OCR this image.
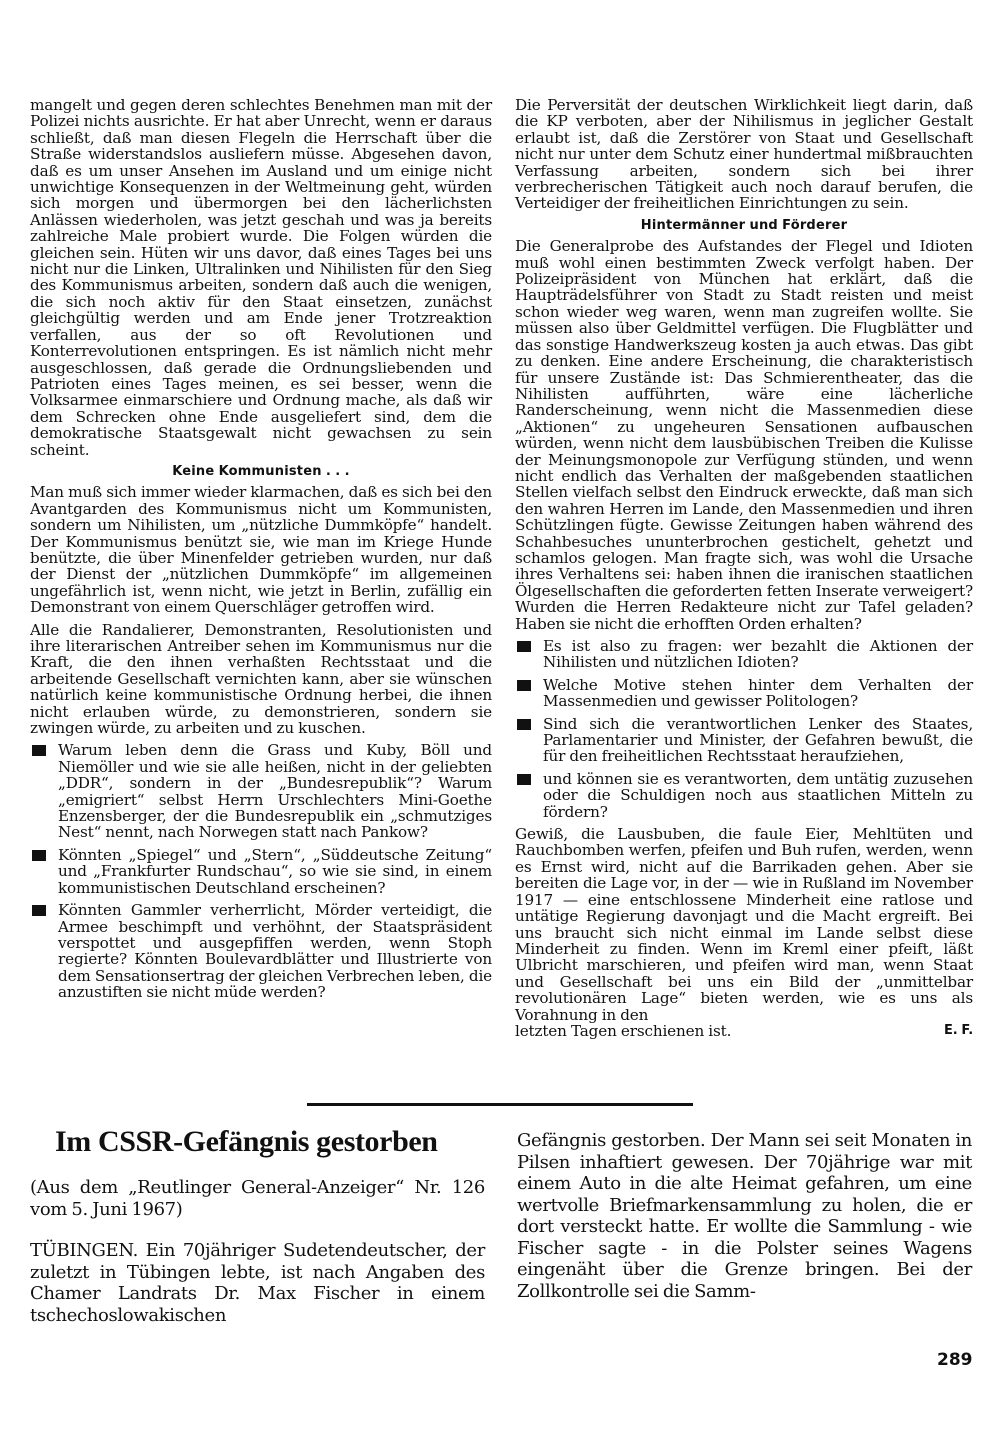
mangelt und gegen deren schlechtes Benehmen man mit der Polizei nichts ausrichte. Er hat aber Unrecht, wenn er daraus schließt, daß man diesen Flegeln die Herrschaft über die Straße widerstandslos ausliefern müsse. Abgesehen davon, daß es um unser Ansehen im Ausland und um einige nicht unwichtige Konsequenzen in der Weltmeinung geht, würden sich morgen und übermorgen bei den lächerlichsten Anlässen wiederholen, was jetzt geschah und was ja bereits zahlreiche Male probiert wurde. Die Folgen würden die gleichen sein. Hüten wir uns davor, daß eines Tages bei uns nicht nur die Linken, Ultralinken und Nihilisten für den Sieg des Kommunismus arbeiten, sondern daß auch die wenigen, die sich noch aktiv für den Staat einsetzen, zunächst gleichgültig werden und am Ende jener Trotzreaktion verfallen, aus der so oft Revolutionen und Konterrevolutionen entspringen. Es ist nämlich nicht mehr ausgeschlossen, daß gerade die Ordnungsliebenden und Patrioten eines Tages meinen, es sei besser, wenn die Volksarmee einmarschiere und Ordnung mache, als daß wir dem Schrecken ohne Ende ausgeliefert sind, dem die demokratische Staatsgewalt nicht gewachsen zu sein scheint.

Keine Kommunisten . . .

Man muß sich immer wieder klarmachen, daß es sich bei den Avantgarden des Kommunismus nicht um Kommunisten, sondern um Nihilisten, um „nützliche Dummköpfe“ handelt. Der Kommunismus benützt sie, wie man im Kriege Hunde benützte, die über Minenfelder getrieben wurden, nur daß der Dienst der „nützlichen Dummköpfe“ im allgemeinen ungefährlich ist, wenn nicht, wie jetzt in Berlin, zufällig ein Demonstrant von einem Querschläger getroffen wird.

Alle die Randalierer, Demonstranten, Resolutionisten und ihre literarischen Antreiber sehen im Kommunismus nur die Kraft, die den ihnen verhaßten Rechtsstaat und die arbeitende Gesellschaft vernichten kann, aber sie wünschen natürlich keine kommunistische Ordnung herbei, die ihnen nicht erlauben würde, zu demonstrieren, sondern sie zwingen würde, zu arbeiten und zu kuschen.

Warum leben denn die Grass und Kuby, Böll und Niemöller und wie sie alle heißen, nicht in der geliebten „DDR“, sondern in der „Bundesrepublik“? Warum „emigriert“ selbst Herrn Urschlechters Mini-Goethe Enzensberger, der die Bundesrepublik ein „schmutziges Nest“ nennt, nach Norwegen statt nach Pankow?
Könnten „Spiegel“ und „Stern“, „Süddeutsche Zeitung“ und „Frankfurter Rundschau“, so wie sie sind, in einem kommunistischen Deutschland erscheinen?
Könnten Gammler verherrlicht, Mörder verteidigt, die Armee beschimpft und verhöhnt, der Staatspräsident verspottet und ausgepfiffen werden, wenn Stoph regierte? Könnten Boulevardblätter und Illustrierte von dem Sensationsertrag der gleichen Verbrechen leben, die anzustiften sie nicht müde werden?

Die Perversität der deutschen Wirklichkeit liegt darin, daß die KP verboten, aber der Nihilismus in jeglicher Gestalt erlaubt ist, daß die Zerstörer von Staat und Gesellschaft nicht nur unter dem Schutz einer hundertmal mißbrauchten Verfassung arbeiten, sondern sich bei ihrer verbrecherischen Tätigkeit auch noch darauf berufen, die Verteidiger der freiheitlichen Einrichtungen zu sein.

Hintermänner und Förderer

Die Generalprobe des Aufstandes der Flegel und Idioten muß wohl einen bestimmten Zweck verfolgt haben. Der Polizeipräsident von München hat erklärt, daß die Haupträdelsführer von Stadt zu Stadt reisten und meist schon wieder weg waren, wenn man zugreifen wollte. Sie müssen also über Geldmittel verfügen. Die Flugblätter und das sonstige Handwerkszeug kosten ja auch etwas. Das gibt zu denken. Eine andere Erscheinung, die charakteristisch für unsere Zustände ist: Das Schmierentheater, das die Nihilisten aufführten, wäre eine lächerliche Randerscheinung, wenn nicht die Massenmedien diese „Aktionen“ zu ungeheuren Sensationen aufbauschen würden, wenn nicht dem lausbübischen Treiben die Kulisse der Meinungsmonopole zur Verfügung stünden, und wenn nicht endlich das Verhalten der maßgebenden staatlichen Stellen vielfach selbst den Eindruck erweckte, daß man sich den wahren Herren im Lande, den Massenmedien und ihren Schützlingen fügte. Gewisse Zeitungen haben während des Schahbesuches ununterbrochen gestichelt, gehetzt und schamlos gelogen. Man fragte sich, was wohl die Ursache ihres Verhaltens sei: haben ihnen die iranischen staatlichen Ölgesellschaften die geforderten fetten Inserate verweigert? Wurden die Herren Redakteure nicht zur Tafel geladen? Haben sie nicht die erhofften Orden erhalten?

Es ist also zu fragen: wer bezahlt die Aktionen der Nihilisten und nützlichen Idioten?
Welche Motive stehen hinter dem Verhalten der Massenmedien und gewisser Politologen?
Sind sich die verantwortlichen Lenker des Staates, Parlamentarier und Minister, der Gefahren bewußt, die für den freiheitlichen Rechtsstaat heraufziehen,
und können sie es verantworten, dem untätig zuzusehen oder die Schuldigen noch aus staatlichen Mitteln zu fördern?

Gewiß, die Lausbuben, die faule Eier, Mehltüten und Rauchbomben werfen, pfeifen und Buh rufen, werden, wenn es Ernst wird, nicht auf die Barrikaden gehen. Aber sie bereiten die Lage vor, in der — wie in Rußland im November 1917 — eine entschlossene Minderheit eine ratlose und untätige Regierung davonjagt und die Macht ergreift. Bei uns braucht sich nicht einmal im Lande selbst diese Minderheit zu finden. Wenn im Kreml einer pfeift, läßt Ulbricht marschieren, und pfeifen wird man, wenn Staat und Gesellschaft bei uns ein Bild der „unmittelbar revolutionären Lage“ bieten werden, wie es uns als Vorahnung in den

letzten Tagen erschienen ist.	E. F.
Im CSSR-Gefängnis gestorben

(Aus dem „Reutlinger General-Anzeiger“ Nr. 126 vom 5. Juni 1967)

TÜBINGEN. Ein 70jähriger Sudetendeutscher, der zuletzt in Tübingen lebte, ist nach Angaben des Chamer Landrats Dr. Max Fischer in einem tschechoslowakischen

Gefängnis gestorben. Der Mann sei seit Monaten in Pilsen inhaftiert gewesen. Der 70jährige war mit einem Auto in die alte Heimat gefahren, um eine wertvolle Briefmarkensammlung zu holen, die er dort versteckt hatte. Er wollte die Sammlung - wie Fischer sagte - in die Polster seines Wagens eingenäht über die Grenze bringen. Bei der Zollkontrolle sei die Samm-

289
